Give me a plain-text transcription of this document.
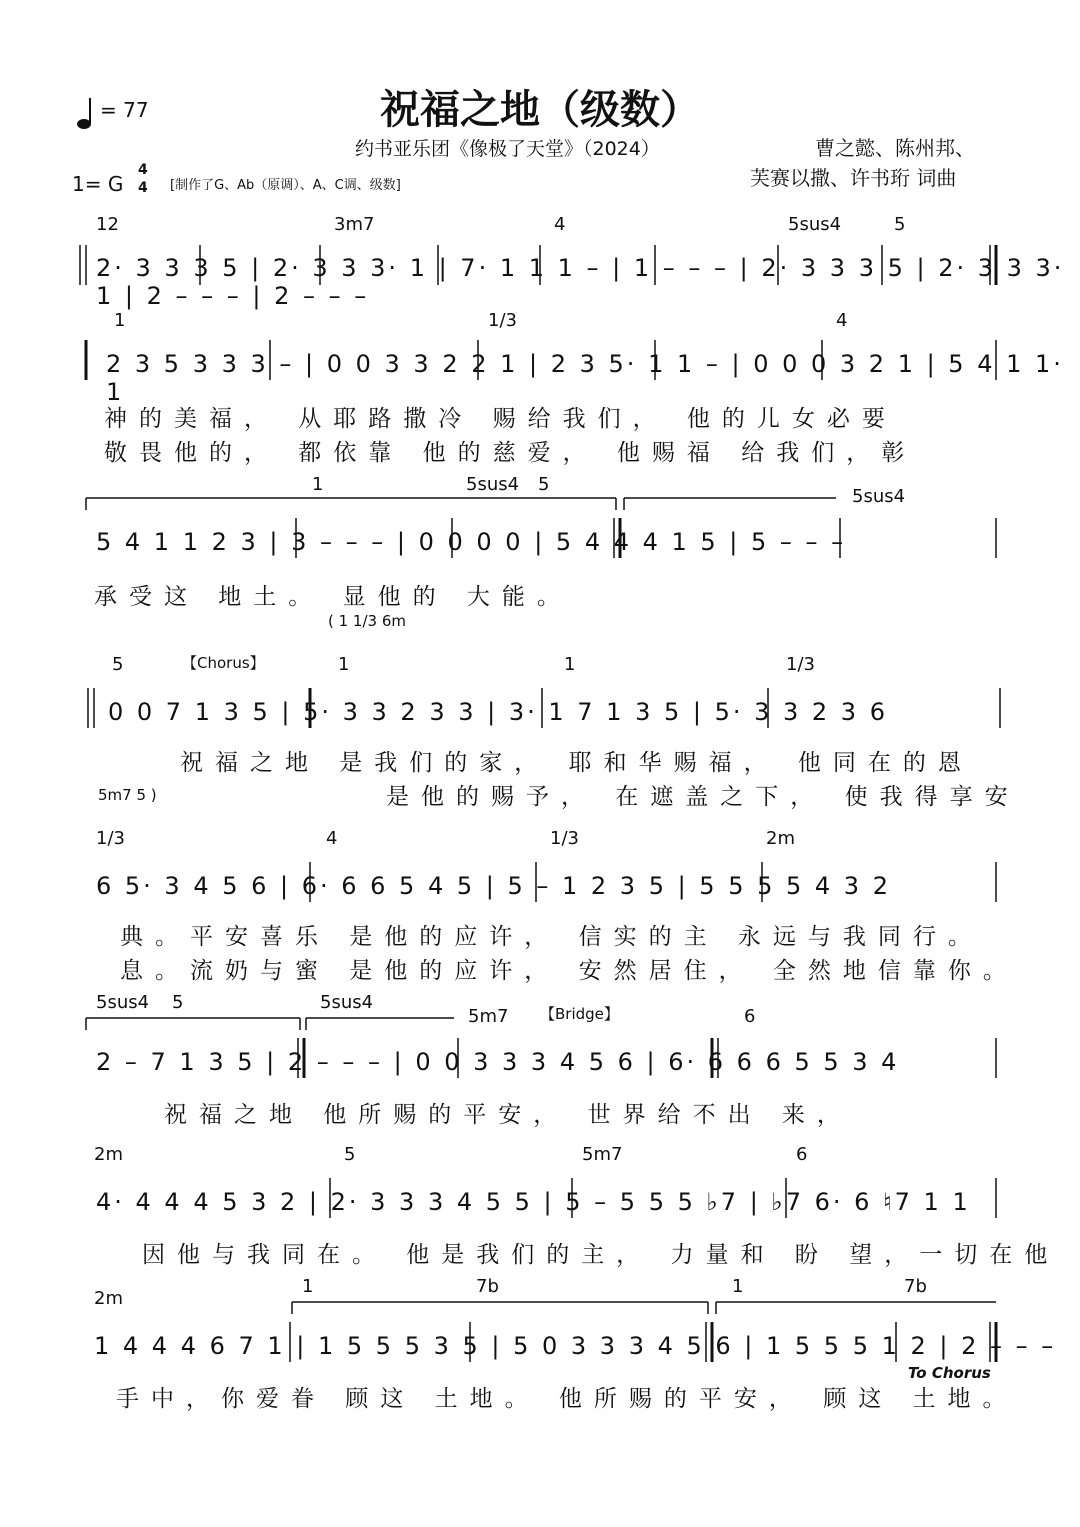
祝福之地（级数）
约书亚乐团《像极了天堂》（2024）	曹之懿、陈州邦、
芙赛以撒、许书珩 词曲
= 77
1= G
4
4 [制作了G、Ab（原调）、A、C调、级数]
12	3m7	4	5sus4	5
2· 3 3 3 5 | 2· 3 3 3· 1 | 7· 1 1 1 – | 1 – – – | 2· 3 3 3 5 | 2· 3 3 3· 1 | 2 – – – | 2 – – –
1	1/3	4
2 3 5 3 3 3 – | 0 0 3 3 2 2 1 | 2 3 5· 1 1 – | 0 0 0 3 2 1 | 5 4 1 1· 1
神的美福， 从耶路撒冷 赐给我们， 他的儿女必要
敬畏他的， 都依靠 他的慈爱， 他赐福 给我们，彰
1	5sus4 5
5sus4
5 4 1 1 2 3 | 3 – – – | 0 0 0 0 | 5 4 4 4 1 5 | 5 – – –
承受这 地土。 显他的 大能。
( 1 1/3 6m
【Chorus】
5	1	1	1/3
0 0 7 1 3 5 | 5· 3 3 2 3 3 | 3· 1 7 1 3 5 | 5· 3 3 2 3 6
祝福之地 是我们的家， 耶和华赐福， 他同在的恩
是他的赐予， 在遮盖之下， 使我得享安
5m7 5 )
1/3	4	1/3	2m
6 5· 3 4 5 6 | 6· 6 6 5 4 5 | 5 – 1 2 3 5 | 5 5 5 5 4 3 2
典。平安喜乐 是他的应许， 信实的主 永远与我同行。
息。流奶与蜜 是他的应许， 安然居住， 全然地信靠你。
5sus4 5	5sus4
5m7 【Bridge】	6
2 – 7 1 3 5 | 2 – – – | 0 0 3 3 3 4 5 6 | 6· 6 6 6 5 5 3 4
祝福之地 他所赐的平安， 世界给不出 来，
2m	5	5m7	6
4· 4 4 4 5 3 2 | 2· 3 3 3 4 5 5 | 5 – 5 5 5 ♭7 | ♭7 6· 6 ♮7 1 1
因他与我同在。 他是我们的主， 力量和 盼 望，一切在他
2m
1	7b	1	7b
1 4 4 4 6 7 1 | 1 5 5 5 3 5 | 5 0 3 3 3 4 5 6 | 1 5 5 5 1 2 | 2 – – –
手中，你爱眷 顾这 土地。 他所赐的平安， 顾这 土地。
To Chorus
